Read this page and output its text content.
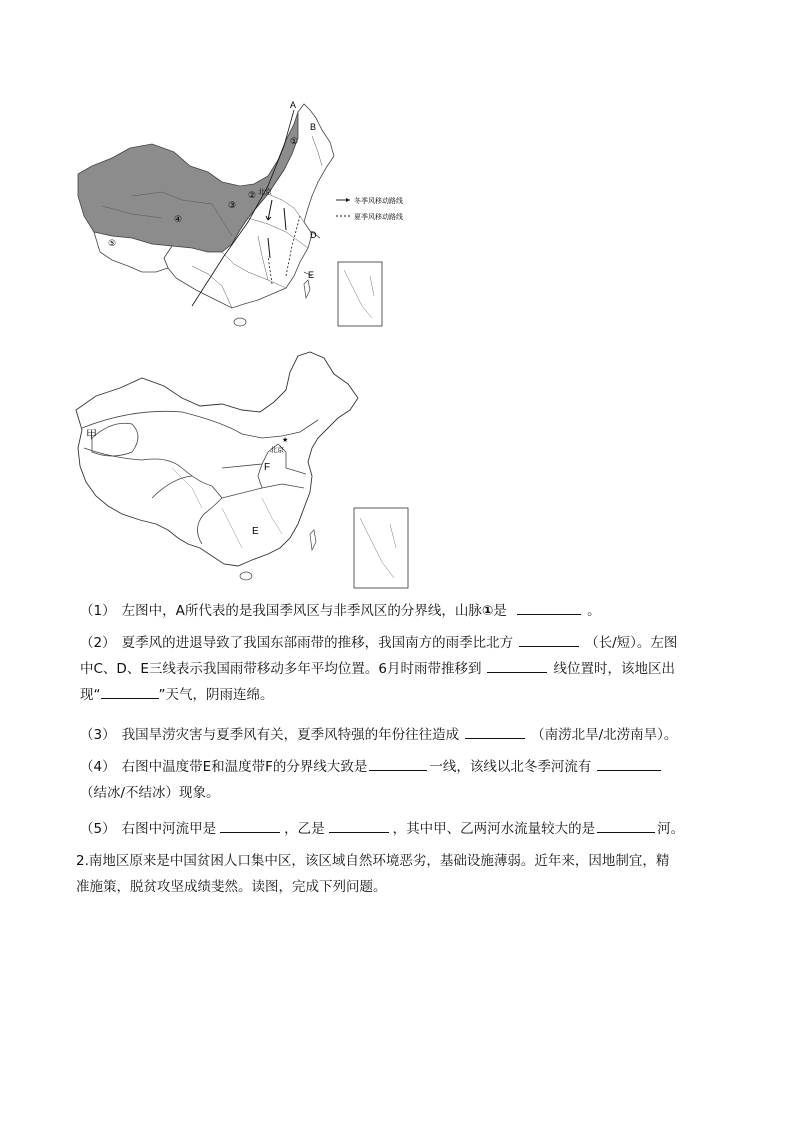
A
B
D
E
①
②
③
④
⑤
北京
冬季风移动路线
夏季风移动路线
甲
F
E
★
北京
（1） 左图中，A所代表的是我国季风区与非季风区的分界线，山脉①是	。
（2） 夏季风的进退导致了我国东部雨带的推移，我国南方的雨季比北方	（长/短）。左图
中C、D、E三线表示我国雨带移动多年平均位置。6月时雨带推移到	线位置时，该地区出
现“	”天气，阴雨连绵。
（3） 我国旱涝灾害与夏季风有关，夏季风特强的年份往往造成	（南涝北旱/北涝南旱）。
（4） 右图中温度带E和温度带F的分界线大致是	一线，该线以北冬季河流有
（结冰/不结冰）现象。
（5） 右图中河流甲是	，乙是	，其中甲、乙两河水流量较大的是	河。
2.南地区原来是中国贫困人口集中区，该区域自然环境恶劣，基础设施薄弱。近年来，因地制宜，精
准施策，脱贫攻坚成绩斐然。读图，完成下列问题。
